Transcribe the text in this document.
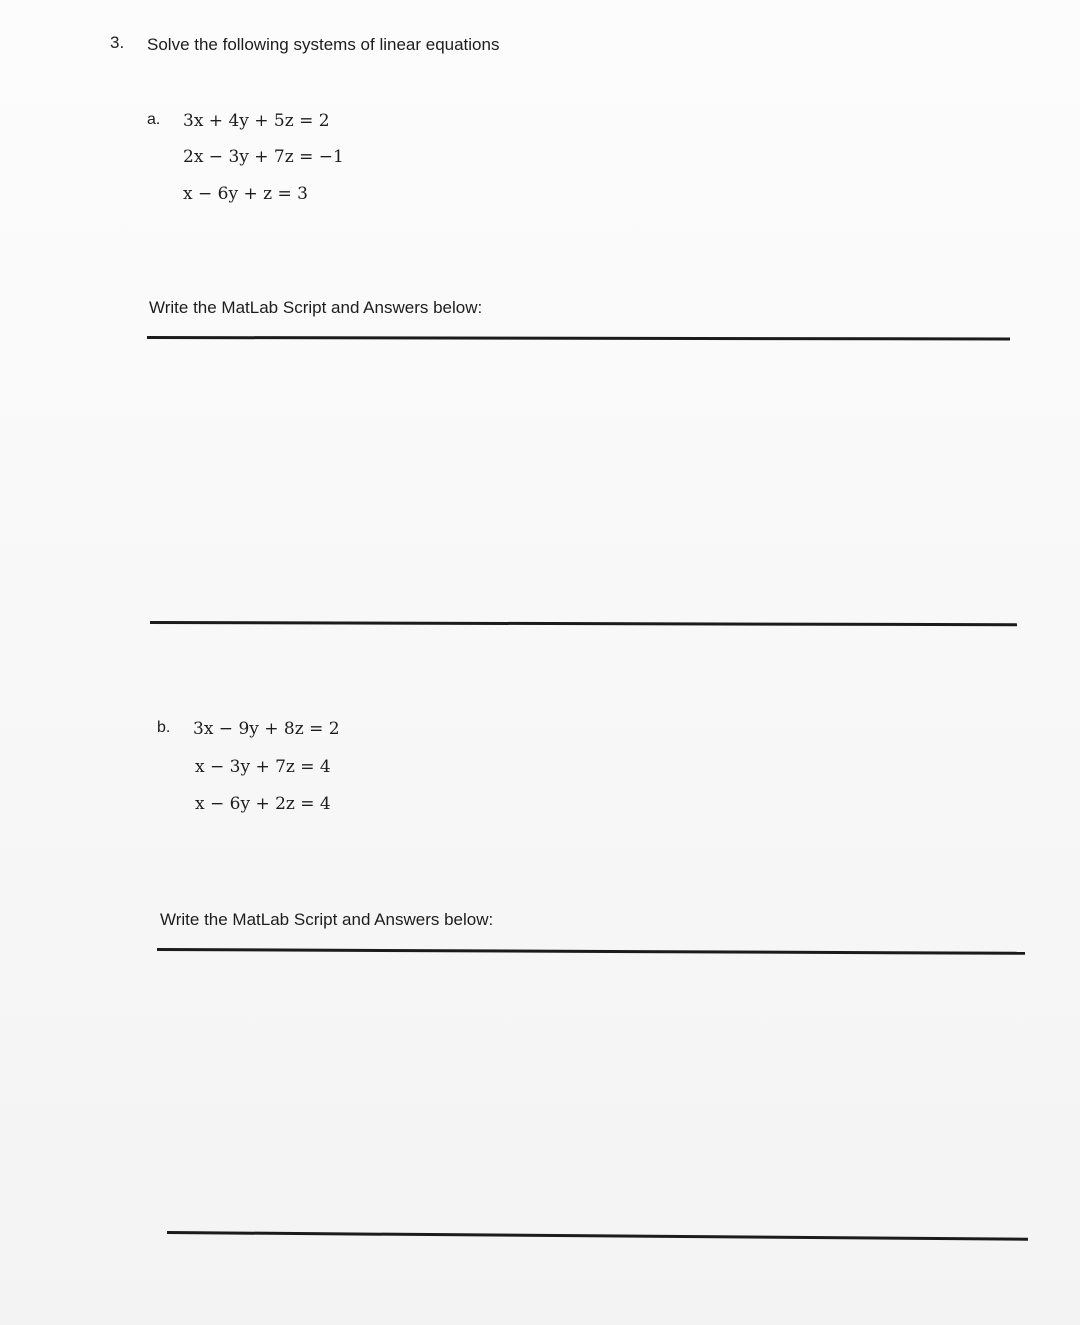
3. Solve the following systems of linear equations
a. 3x + 4y + 5z = 2
2x − 3y + 7z = −1
x − 6y + z = 3
Write the MatLab Script and Answers below:
b. 3x − 9y + 8z = 2
x − 3y + 7z = 4
x − 6y + 2z = 4
Write the MatLab Script and Answers below:
